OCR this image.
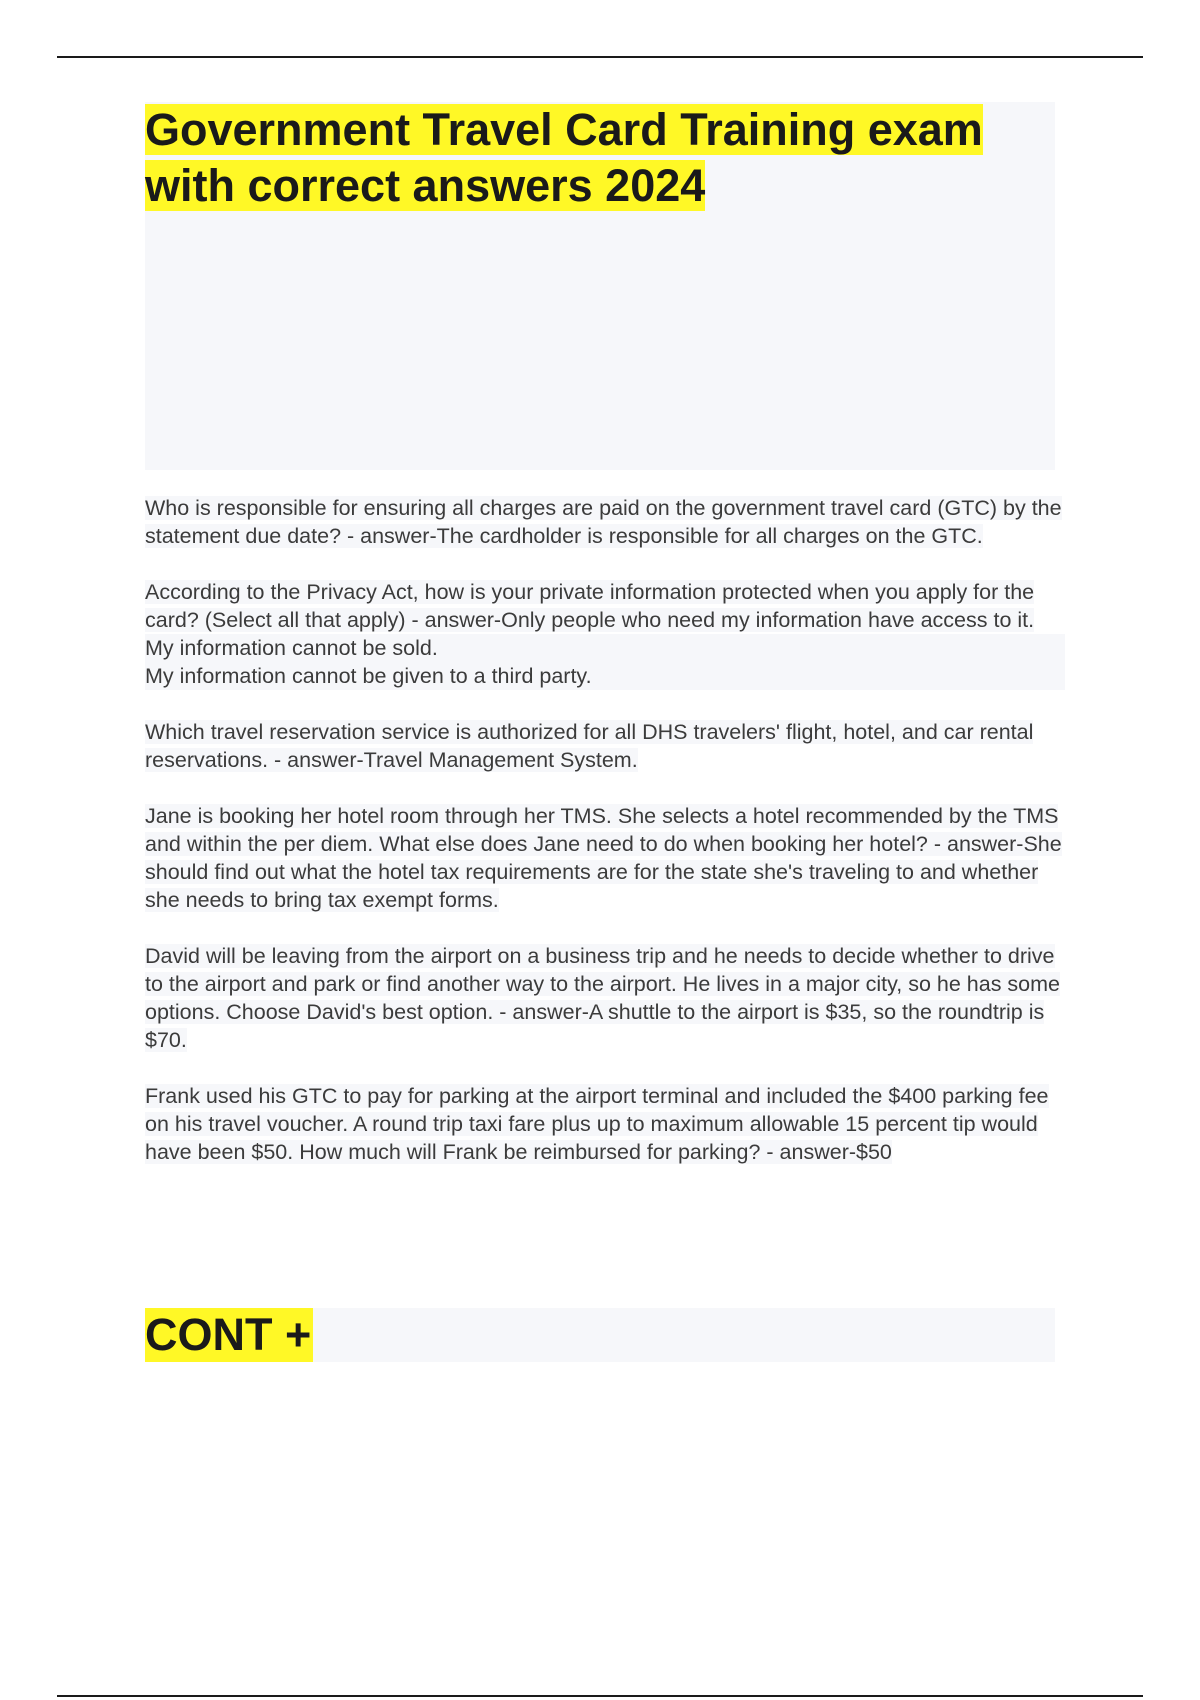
Government Travel Card Training exam with correct answers 2024

Who is responsible for ensuring all charges are paid on the government travel card (GTC) by the statement due date? - answer-The cardholder is responsible for all charges on the GTC.

According to the Privacy Act, how is your private information protected when you apply for the card? (Select all that apply) - answer-Only people who need my information have access to it.
My information cannot be sold.
My information cannot be given to a third party.

Which travel reservation service is authorized for all DHS travelers' flight, hotel, and car rental reservations. - answer-Travel Management System.

Jane is booking her hotel room through her TMS. She selects a hotel recommended by the TMS and within the per diem. What else does Jane need to do when booking her hotel? - answer-She should find out what the hotel tax requirements are for the state she's traveling to and whether she needs to bring tax exempt forms.

David will be leaving from the airport on a business trip and he needs to decide whether to drive to the airport and park or find another way to the airport. He lives in a major city, so he has some options. Choose David's best option. - answer-A shuttle to the airport is $35, so the roundtrip is $70.

Frank used his GTC to pay for parking at the airport terminal and included the $400 parking fee on his travel voucher. A round trip taxi fare plus up to maximum allowable 15 percent tip would have been $50. How much will Frank be reimbursed for parking? - answer-$50

CONT +
